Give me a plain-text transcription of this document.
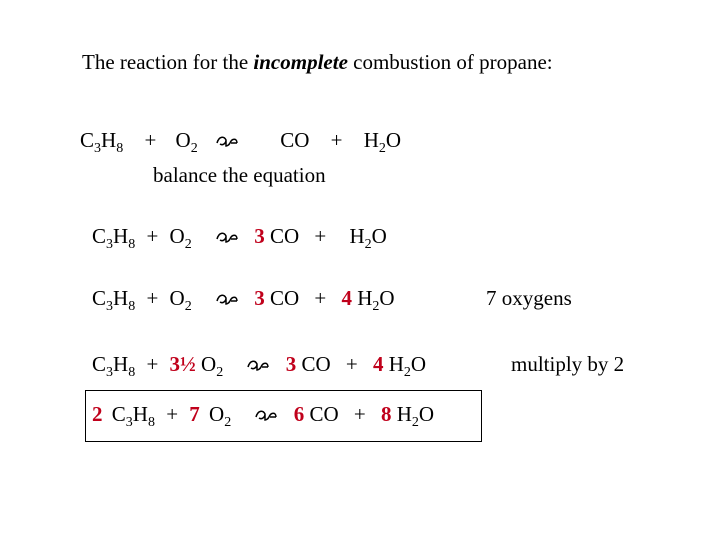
The reaction for the incomplete combustion of propane:
$C_3H_8 + O_2$	CO + $H_2O$
balance the equation
$C_3H_8 + O_2$	3 CO + $H_2O$
$C_3H_8 + O_2$	3 CO + 4 $H_2O$	7 oxygens
$C_3H_8$ + 3½ $O_2$	3 CO + 4 $H_2O$	multiply by 2
2 $C_3H_8 + 7$ $O_2$	6 CO + 8 $H_2O$
